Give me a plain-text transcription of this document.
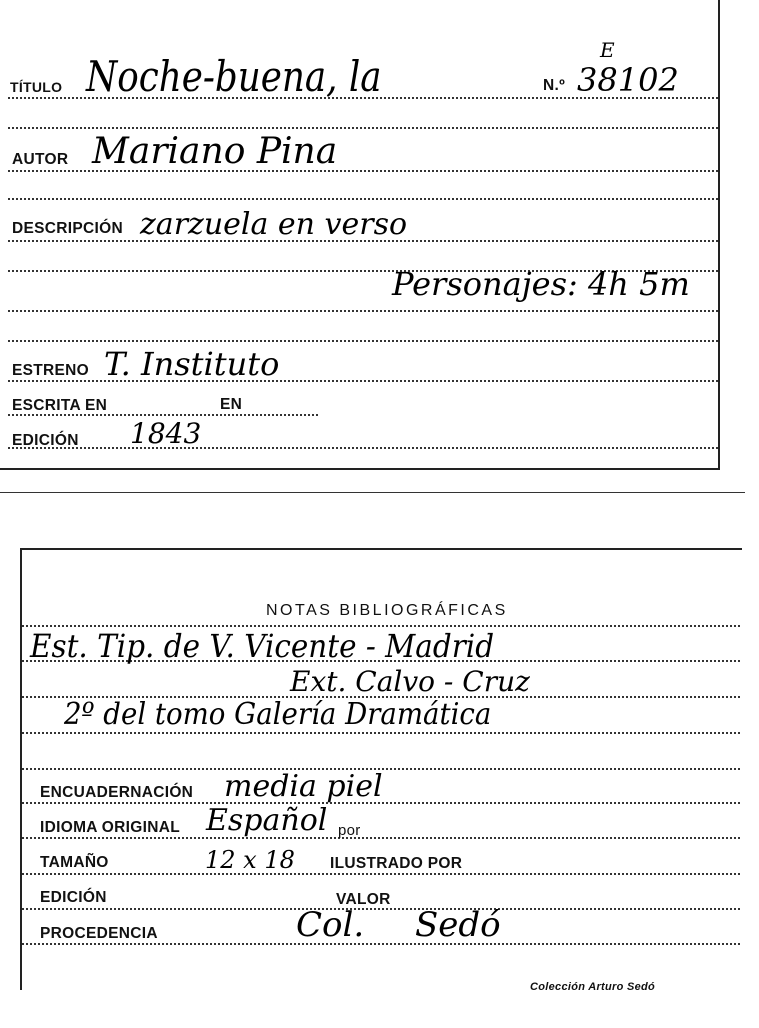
TÍTULO Noche-buena, la	N.º
E
38102
AUTOR Mariano Pina
DESCRIPCIÓN zarzuela en verso
Personajes: 4h 5m
ESTRENO T. Instituto
ESCRITA EN	EN
EDICIÓN 1843
NOTAS BIBLIOGRÁFICAS
Est. Tip. de V. Vicente - Madrid
Ext. Calvo - Cruz
2º del tomo Galería Dramática
ENCUADERNACIÓN media piel
IDIOMA ORIGINAL Español por
TAMAÑO	12 x 18 ILUSTRADO POR
EDICIÓN	VALOR
PROCEDENCIA	Col. Sedó
Colección Arturo Sedó
